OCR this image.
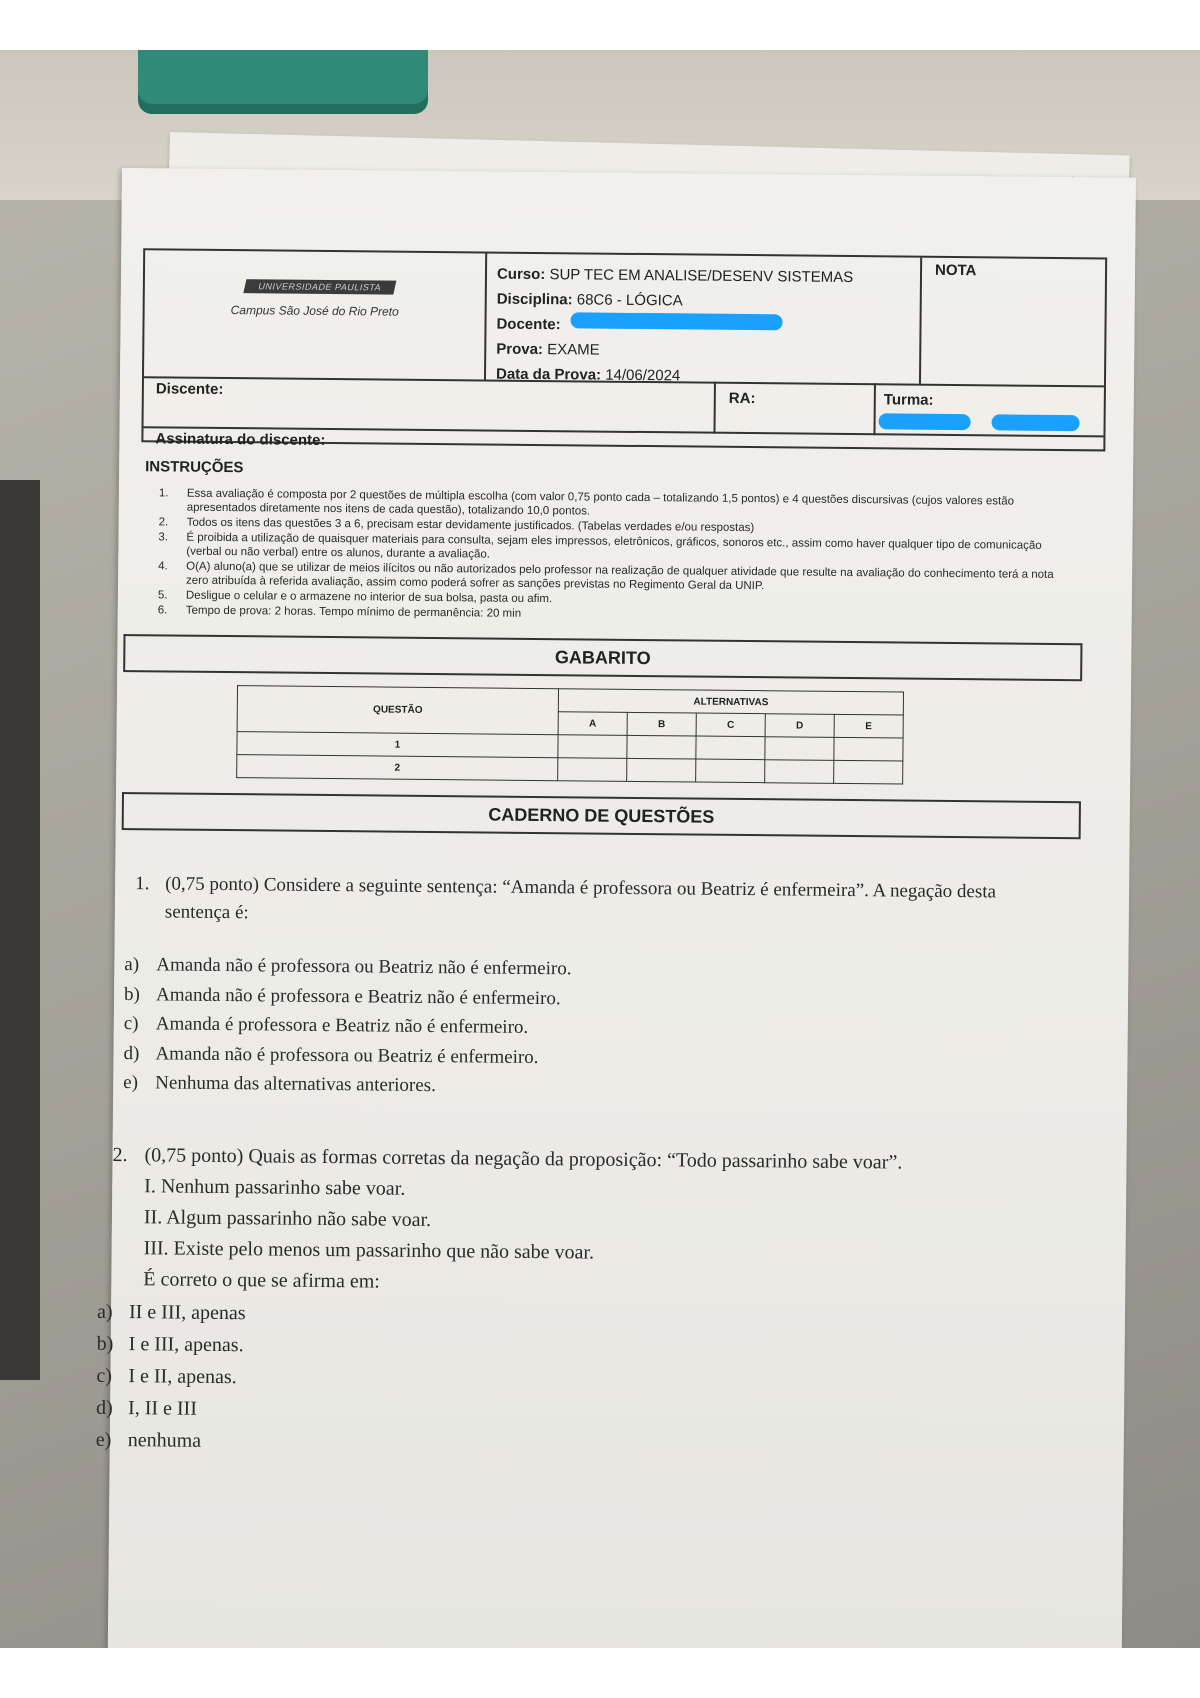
UNIVERSIDADE PAULISTA
Campus São José do Rio Preto
Curso: SUP TEC EM ANALISE/DESENV SISTEMAS
Disciplina: 68C6 - LÓGICA
Docente:
Prova: EXAME
Data da Prova: 14/06/2024
NOTA
Discente:
RA:	Turma:
Assinatura do discente:
INSTRUÇÕES
1.	Essa avaliação é composta por 2 questões de múltipla escolha (com valor 0,75 ponto cada – totalizando 1,5 pontos) e 4 questões discursivas (cujos valores estão apresentados diretamente nos itens de cada questão), totalizando 10,0 pontos.
2.	Todos os itens das questões 3 a 6, precisam estar devidamente justificados. (Tabelas verdades e/ou respostas)
3.	É proibida a utilização de quaisquer materiais para consulta, sejam eles impressos, eletrônicos, gráficos, sonoros etc., assim como haver qualquer tipo de comunicação (verbal ou não verbal) entre os alunos, durante a avaliação.
4.	O(A) aluno(a) que se utilizar de meios ilícitos ou não autorizados pelo professor na realização de qualquer atividade que resulte na avaliação do conhecimento terá a nota zero atribuída à referida avaliação, assim como poderá sofrer as sanções previstas no Regimento Geral da UNIP.
5.	Desligue o celular e o armazene no interior de sua bolsa, pasta ou afim.
6.	Tempo de prova: 2 horas. Tempo mínimo de permanência: 20 min
GABARITO
QUESTÃO	ALTERNATIVAS				
	A	B	C	D	E
1					
2					
CADERNO DE QUESTÕES
1. (0,75 ponto) Considere a seguinte sentença: “Amanda é professora ou Beatriz é enfermeira”. A negação desta sentença é:
a) Amanda não é professora ou Beatriz não é enfermeiro.
b) Amanda não é professora e Beatriz não é enfermeiro.
c) Amanda é professora e Beatriz não é enfermeiro.
d) Amanda não é professora ou Beatriz é enfermeiro.
e) Nenhuma das alternativas anteriores.
2. (0,75 ponto) Quais as formas corretas da negação da proposição: “Todo passarinho sabe voar”.
I. Nenhum passarinho sabe voar.
II. Algum passarinho não sabe voar.
III. Existe pelo menos um passarinho que não sabe voar.
É correto o que se afirma em:
a) II e III, apenas
b) I e III, apenas.
c) I e II, apenas.
d) I, II e III
e) nenhuma
